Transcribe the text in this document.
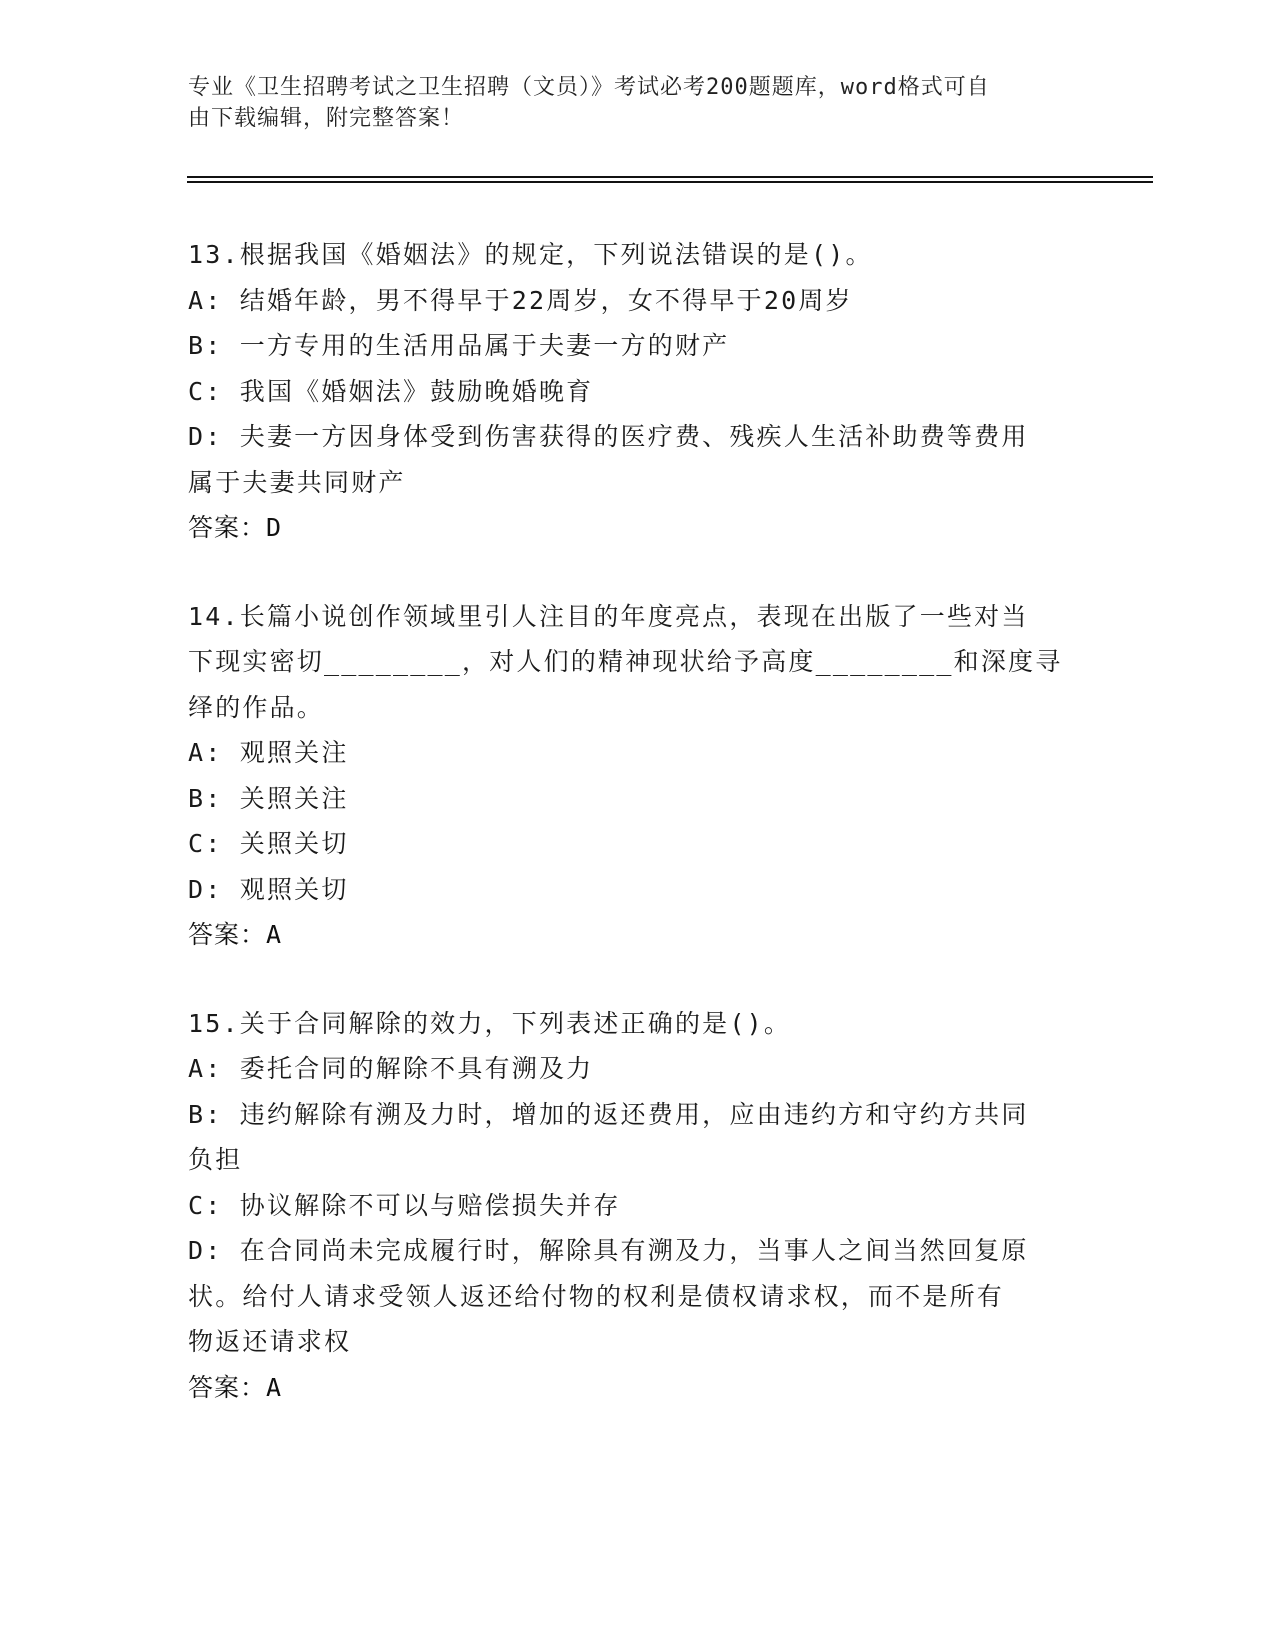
专业《卫生招聘考试之卫生招聘（文员）》考试必考200题题库，word格式可自
由下载编辑，附完整答案！
13.根据我国《婚姻法》的规定，下列说法错误的是()。
A: 结婚年龄，男不得早于22周岁，女不得早于20周岁
B: 一方专用的生活用品属于夫妻一方的财产
C: 我国《婚姻法》鼓励晚婚晚育
D: 夫妻一方因身体受到伤害获得的医疗费、残疾人生活补助费等费用
属于夫妻共同财产
答案：D
14.长篇小说创作领域里引人注目的年度亮点，表现在出版了一些对当
下现实密切________，对人们的精神现状给予高度________和深度寻
绎的作品。
A: 观照关注
B: 关照关注
C: 关照关切
D: 观照关切
答案：A
15.关于合同解除的效力，下列表述正确的是()。
A: 委托合同的解除不具有溯及力
B: 违约解除有溯及力时，增加的返还费用，应由违约方和守约方共同
负担
C: 协议解除不可以与赔偿损失并存
D: 在合同尚未完成履行时，解除具有溯及力，当事人之间当然回复原
状。给付人请求受领人返还给付物的权利是债权请求权，而不是所有
物返还请求权
答案：A
